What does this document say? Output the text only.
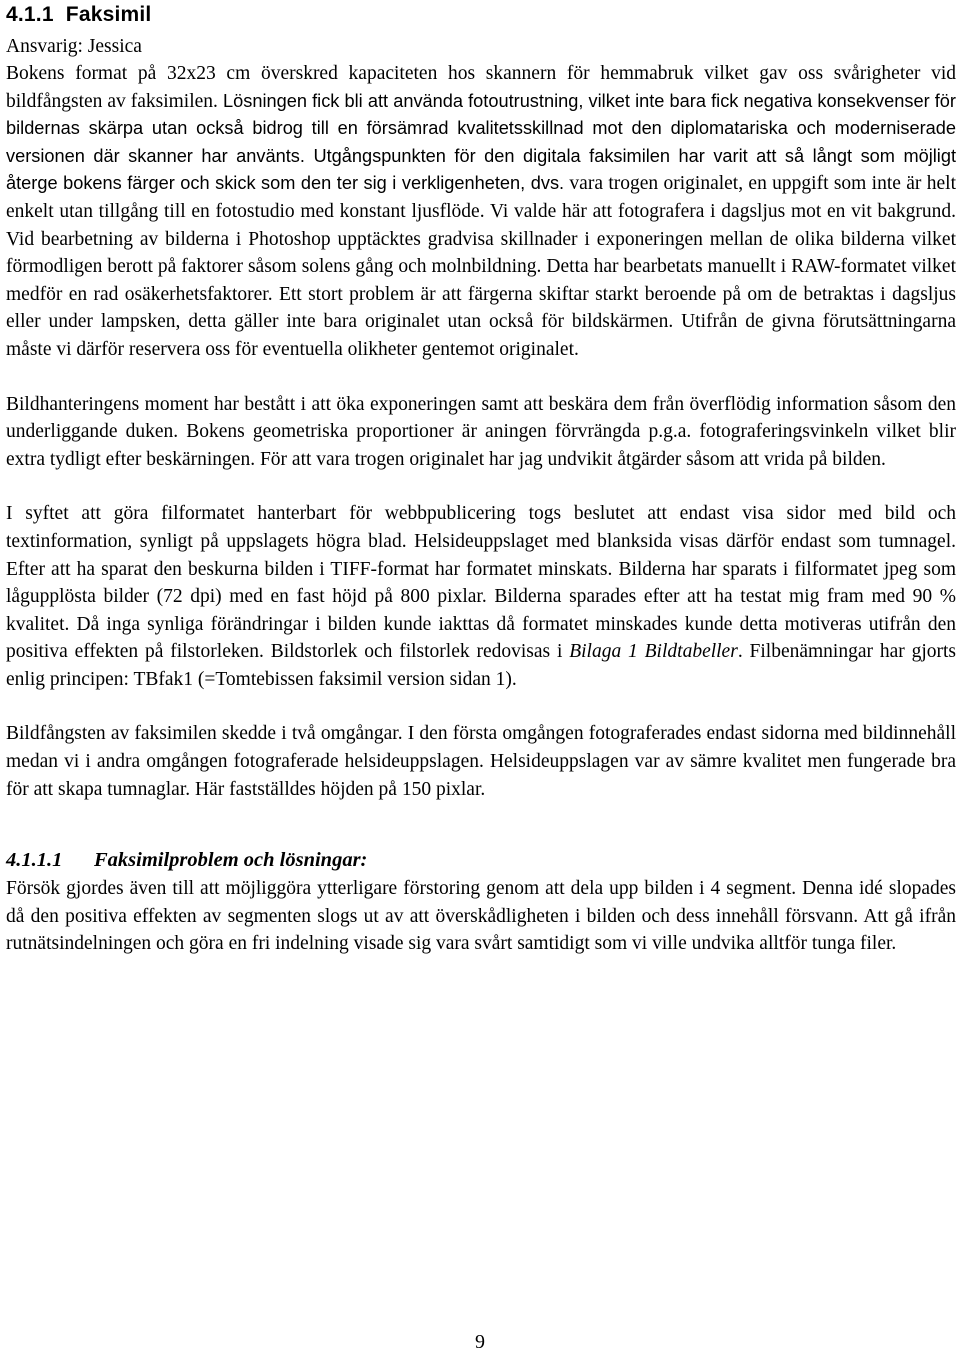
4.1.1 Faksimil
Ansvarig: Jessica

Bokens format på 32x23 cm överskred kapaciteten hos skannern för hemmabruk vilket gav oss svårigheter vid bildfångsten av faksimilen. Lösningen fick bli att använda fotoutrustning, vilket inte bara fick negativa konsekvenser för bildernas skärpa utan också bidrog till en försämrad kvalitetsskillnad mot den diplomatariska och moderniserade versionen där skanner har använts. Utgångspunkten för den digitala faksimilen har varit att så långt som möjligt återge bokens färger och skick som den ter sig i verkligenheten, dvs. vara trogen originalet, en uppgift som inte är helt enkelt utan tillgång till en fotostudio med konstant ljusflöde. Vi valde här att fotografera i dagsljus mot en vit bakgrund. Vid bearbetning av bilderna i Photoshop upptäcktes gradvisa skillnader i exponeringen mellan de olika bilderna vilket förmodligen berott på faktorer såsom solens gång och molnbildning. Detta har bearbetats manuellt i RAW-formatet vilket medför en rad osäkerhetsfaktorer. Ett stort problem är att färgerna skiftar starkt beroende på om de betraktas i dagsljus eller under lampsken, detta gäller inte bara originalet utan också för bildskärmen. Utifrån de givna förutsättningarna måste vi därför reservera oss för eventuella olikheter gentemot originalet.

Bildhanteringens moment har bestått i att öka exponeringen samt att beskära dem från överflödig information såsom den underliggande duken. Bokens geometriska proportioner är aningen förvrängda p.g.a. fotograferingsvinkeln vilket blir extra tydligt efter beskärningen. För att vara trogen originalet har jag undvikit åtgärder såsom att vrida på bilden.

I syftet att göra filformatet hanterbart för webbpublicering togs beslutet att endast visa sidor med bild och textinformation, synligt på uppslagets högra blad. Helsideuppslaget med blanksida visas därför endast som tumnagel. Efter att ha sparat den beskurna bilden i TIFF-format har formatet minskats. Bilderna har sparats i filformatet jpeg som lågupplösta bilder (72 dpi) med en fast höjd på 800 pixlar. Bilderna sparades efter att ha testat mig fram med 90 % kvalitet. Då inga synliga förändringar i bilden kunde iakttas då formatet minskades kunde detta motiveras utifrån den positiva effekten på filstorleken. Bildstorlek och filstorlek redovisas i Bilaga 1 Bildtabeller. Filbenämningar har gjorts enlig principen: TBfak1 (=Tomtebissen faksimil version sidan 1).

Bildfångsten av faksimilen skedde i två omgångar. I den första omgången fotograferades endast sidorna med bildinnehåll medan vi i andra omgången fotograferade helsideuppslagen. Helsideuppslagen var av sämre kvalitet men fungerade bra för att skapa tumnaglar. Här fastställdes höjden på 150 pixlar.

4.1.1.1 Faksimilproblem och lösningar:

Försök gjordes även till att möjliggöra ytterligare förstoring genom att dela upp bilden i 4 segment. Denna idé slopades då den positiva effekten av segmenten slogs ut av att överskådligheten i bilden och dess innehåll försvann. Att gå ifrån rutnätsindelningen och göra en fri indelning visade sig vara svårt samtidigt som vi ville undvika alltför tunga filer.

9
